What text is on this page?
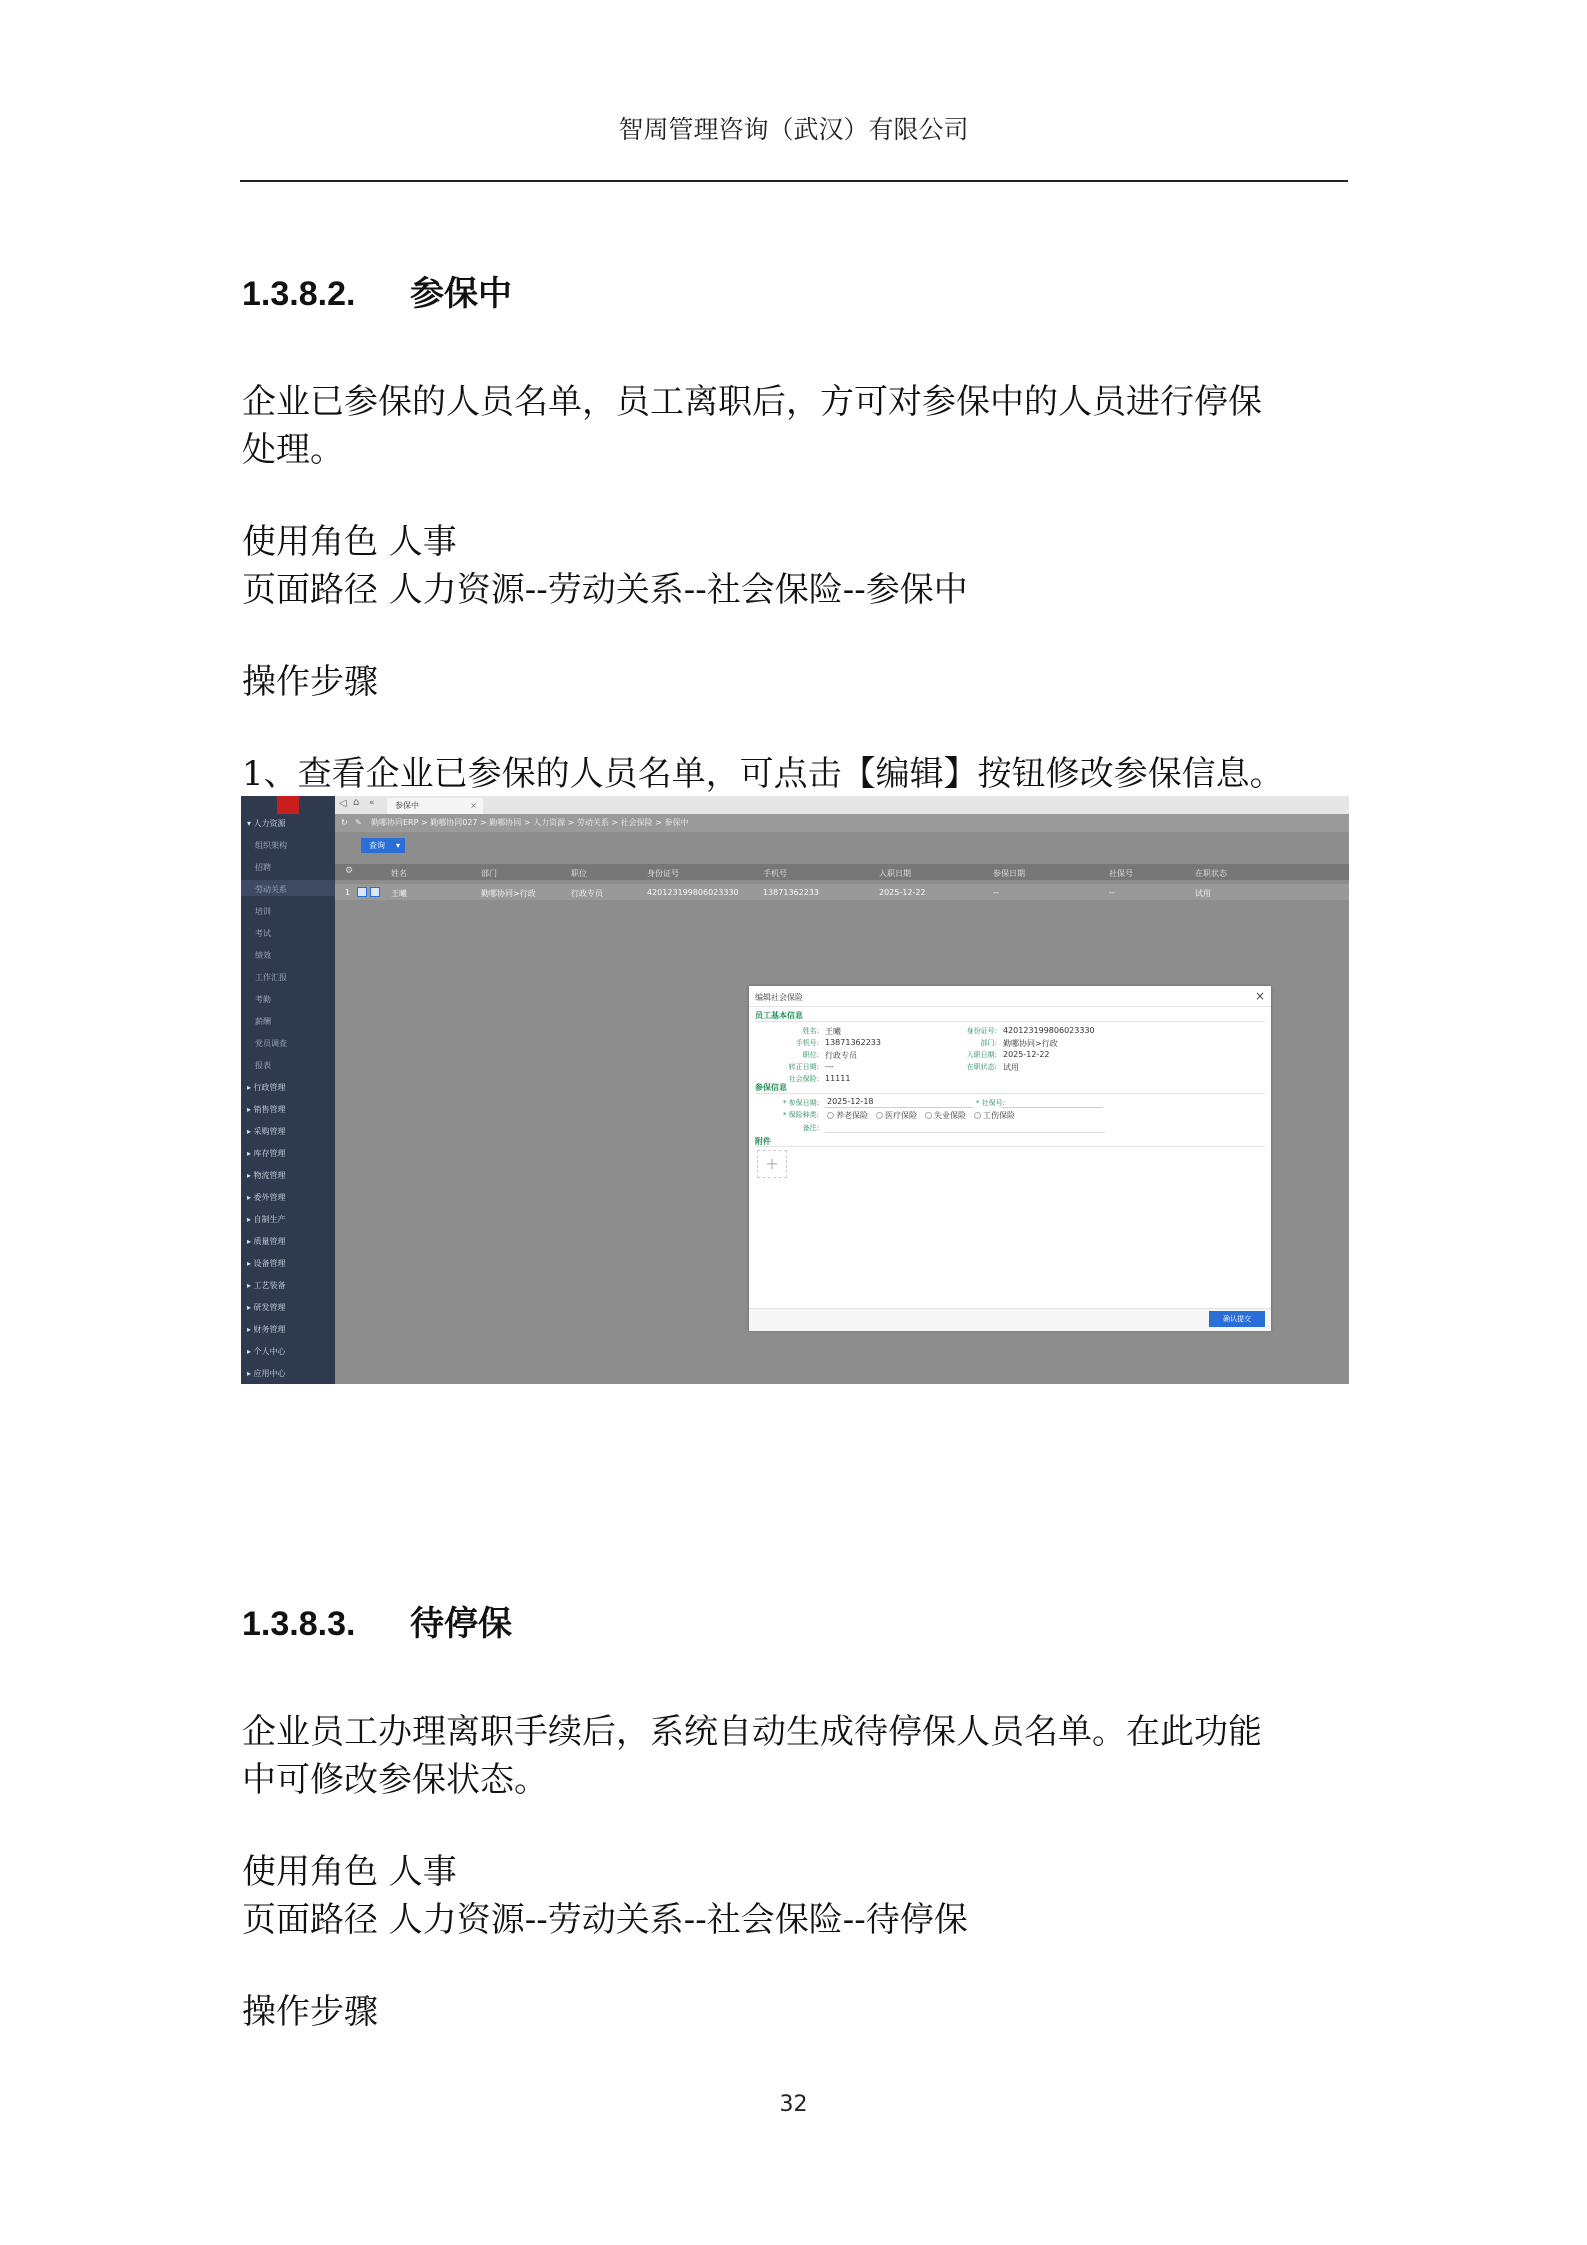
智周管理咨询（武汉）有限公司
1.3.8.2. 参保中
企业已参保的人员名单，员工离职后，方可对参保中的人员进行停保
处理。
使用角色 人事
页面路径 人力资源--劳动关系--社会保险--参保中
操作步骤
1、查看企业已参保的人员名单，可点击【编辑】按钮修改参保信息。
▾ 人力资源
组织架构
招聘
劳动关系
培训
考试
绩效
工作汇报
考勤
薪酬
党员调查
报表
▸ 行政管理
▸ 销售管理
▸ 采购管理
▸ 库存管理
▸ 物流管理
▸ 委外管理
▸ 自制生产
▸ 质量管理
▸ 设备管理
▸ 工艺装备
▸ 研发管理
▸ 财务管理
▸ 个人中心
▸ 应用中心
◁ ⌂ «	参保中	×
↻ ✎ 勤哪协同ERP > 勤哪协同027 > 勤哪协同 > 人力资源 > 劳动关系 > 社会保险 > 参保中
查询 ▾
⚙	姓名	部门	职位	身份证号	手机号	入职日期	参保日期	社保号	在职状态
1	王曦	勤哪协同>行政	行政专员	420123199806023330	13871362233	2025-12-22	--	--	试用
编辑社会保险	×
员工基本信息
姓名: 王曦
手机号: 13871362233
职位: 行政专员
转正日期: ---
社会保险: 11111
身份证号: 420123199806023330
部门: 勤哪协同>行政
入职日期: 2025-12-22
在职状态: 试用
参保信息
* 参保日期: 2025-12-18	* 社保号:
* 保险种类:	养老保险 医疗保险 失业保险 工伤保险
备注:
附件
+
确认提交
1.3.8.3. 待停保
企业员工办理离职手续后，系统自动生成待停保人员名单。在此功能
中可修改参保状态。
使用角色 人事
页面路径 人力资源--劳动关系--社会保险--待停保
操作步骤
32
